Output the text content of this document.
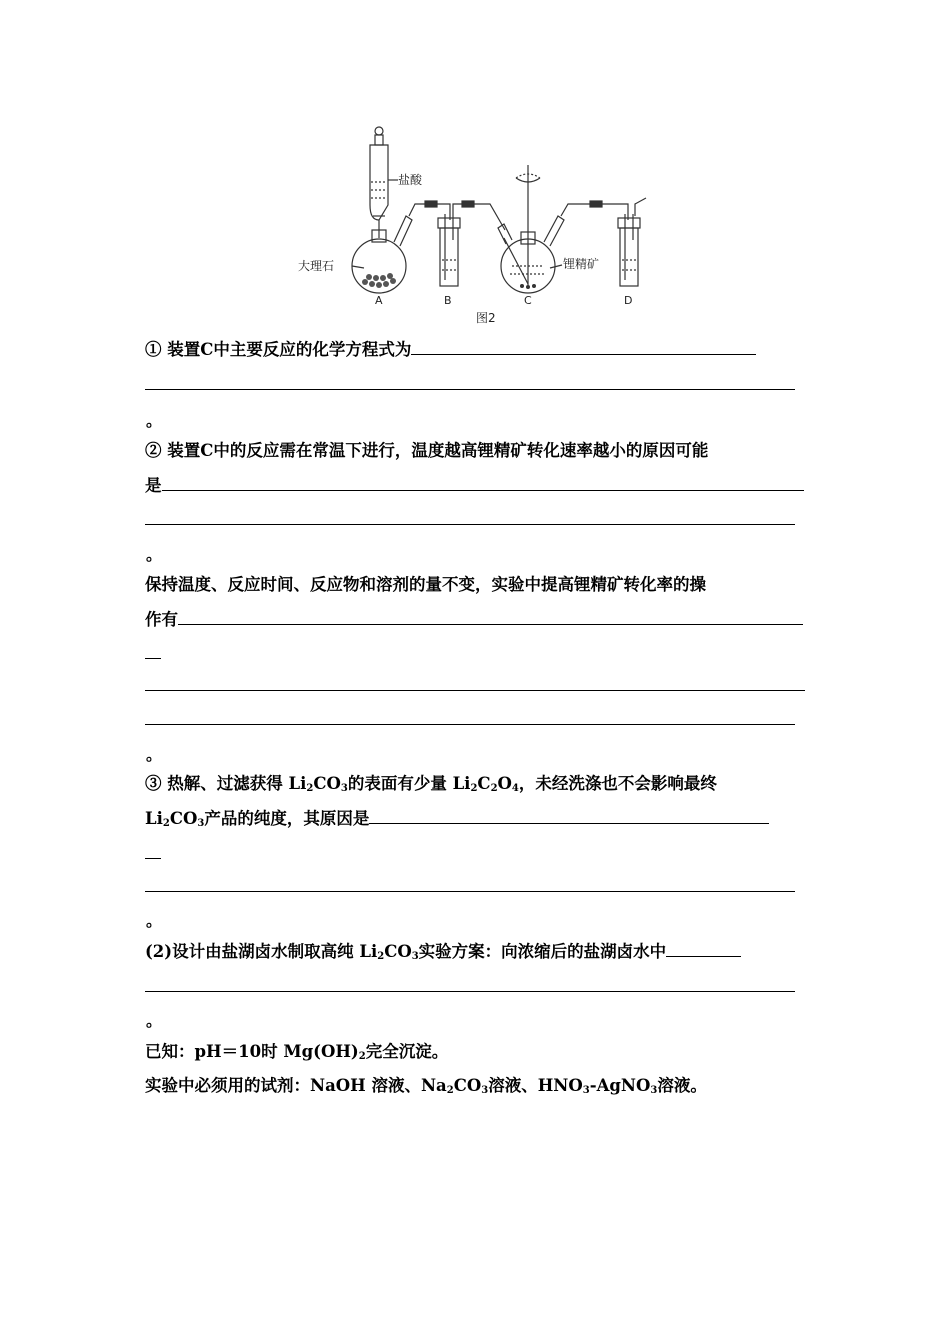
盐酸
大理石	锂精矿
A	B	C	D
图2
① 装置C中主要反应的化学方程式为
。
② 装置C中的反应需在常温下进行，温度越高锂精矿转化速率越小的原因可能
是
。
保持温度、反应时间、反应物和溶剂的量不变，实验中提高锂精矿转化率的操
作有
。
③ 热解、过滤获得 $Li_2CO_3$的表面有少量 $Li_2C_2O_4$，未经洗涤也不会影响最终
$Li_2CO_3$产品的纯度，其原因是
。
(2)设计由盐湖卤水制取高纯 $Li_2CO_3$实验方案：向浓缩后的盐湖卤水中
。
已知：pH＝10时 $Mg(OH)_2$完全沉淀。
实验中必须用的试剂：NaOH 溶液、$Na_2CO_3$溶液、$HNO_3-AgNO_3$溶液。
